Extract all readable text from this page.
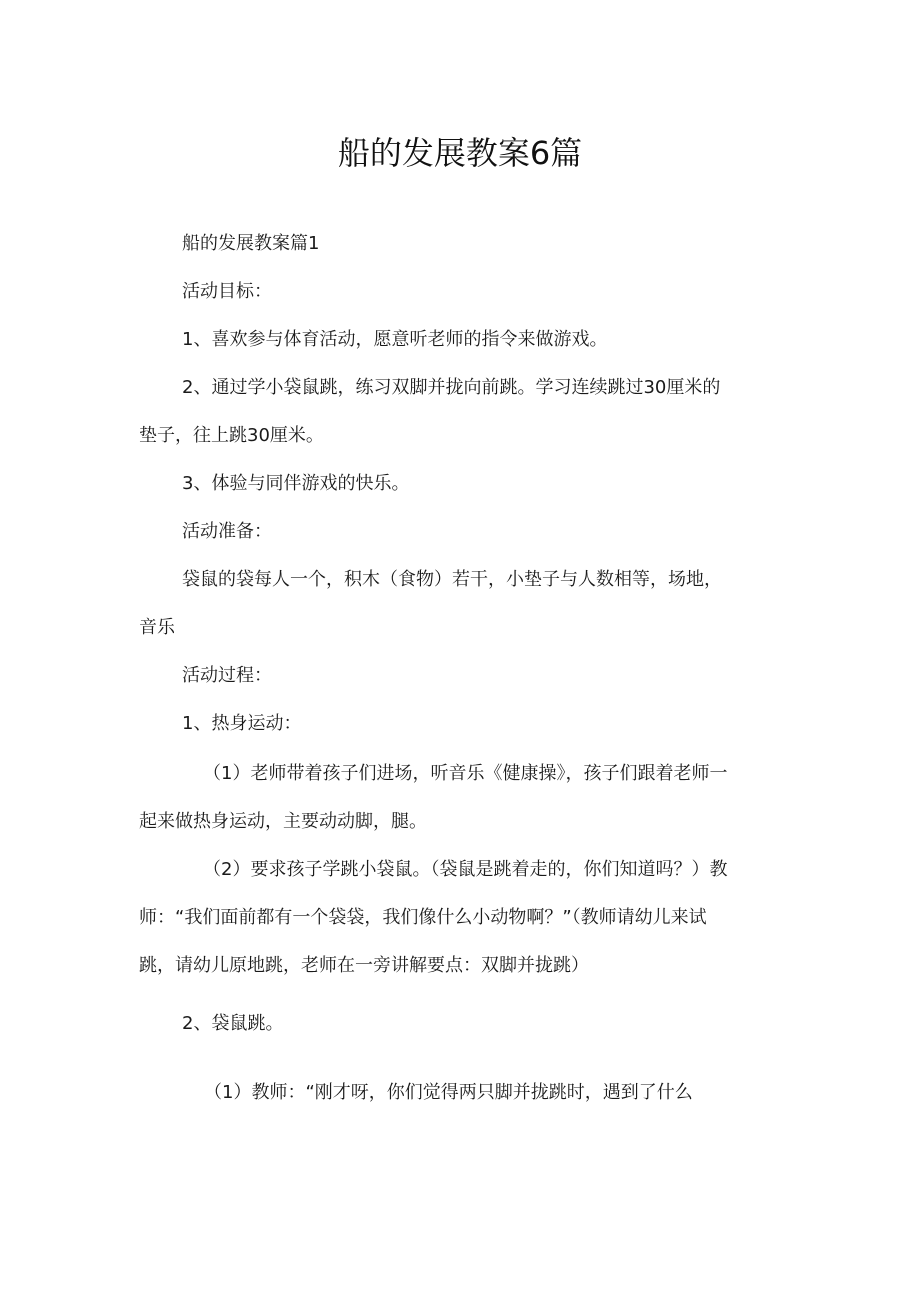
船的发展教案6篇
船的发展教案篇1
活动目标：
1、喜欢参与体育活动，愿意听老师的指令来做游戏。
2、通过学小袋鼠跳，练习双脚并拢向前跳。学习连续跳过30厘米的
垫子，往上跳30厘米。
3、体验与同伴游戏的快乐。
活动准备：
袋鼠的袋每人一个，积木（食物）若干，小垫子与人数相等，场地，
音乐
活动过程：
1、热身运动：
（1）老师带着孩子们进场，听音乐《健康操》，孩子们跟着老师一
起来做热身运动，主要动动脚，腿。
（2）要求孩子学跳小袋鼠。（袋鼠是跳着走的，你们知道吗？）教
师：“我们面前都有一个袋袋，我们像什么小动物啊？”（教师请幼儿来试
跳，请幼儿原地跳，老师在一旁讲解要点：双脚并拢跳）
2、袋鼠跳。
（1）教师：“刚才呀，你们觉得两只脚并拢跳时，遇到了什么
